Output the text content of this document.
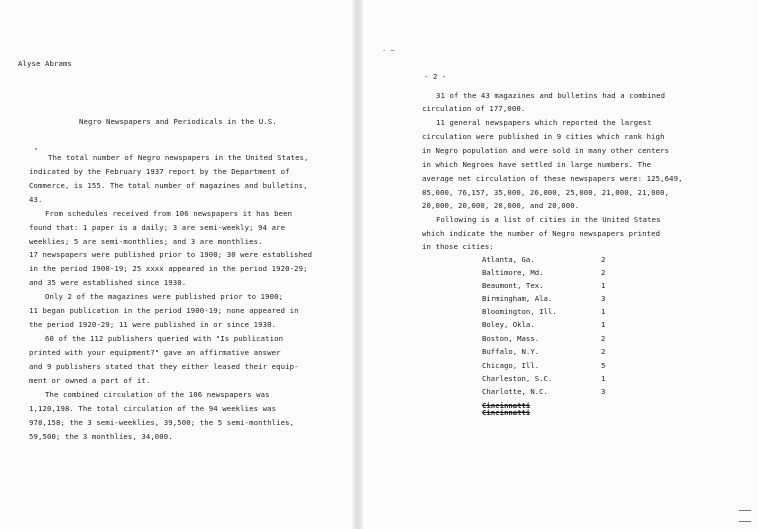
Alyse Abrams
Negro Newspapers and Periodicals in the U.S.
"
The total number of Negro newspapers in the United States,
indicated by the February 1937 report by the Department of
Commerce, is 155. The total number of magazines and bulletins,
43.
From schedules received from 106 newspapers it has been
found that: 1 paper is a daily; 3 are semi-weekly; 94 are
weeklies; 5 are semi-monthlies; and 3 are monthlies.
17 newspapers were published prior to 1900; 30 were established
in the period 1900-19; 25 xxxx appeared in the period 1920-29;
and 35 were established since 1930.
Only 2 of the magazines were published prior to 1900;
11 began publication in the period 1900-19; none appeared in
the period 1920-29; 11 were published in or since 1930.
60 of the 112 publishers queried with "Is publication
printed with your equipment?" gave an affirmative answer
and 9 publishers stated that they either leased their equip-
ment or owned a part of it.
The combined circulation of the 106 newspapers was
1,120,198. The total circulation of the 94 weeklies was
978,158; the 3 semi-weeklies, 39,500; the 5 semi-monthlies,
59,500; the 3 monthlies, 34,000.
- ~
- 2 -
31 of the 43 magazines and bulletins had a combined
circulation of 177,000.
11 general newspapers which reported the largest
circulation were published in 9 cities which rank high
in Negro population and were sold in many other centers
in which Negroes have settled in large numbers. The
average net circulation of these newspapers were: 125,649,
85,000, 76,157, 35,000, 26,000, 25,000, 21,000, 21,000,
20,000, 20,000, 20,000, and 20,000.
Following is a list of cities in the United States
which indicate the number of Negro newspapers printed
in those cities:
Atlanta, Ga.	2
Baltimore, Md.	2
Beaumont, Tex.	1
Birmingham, Ala.	3
Bloomington, Ill.	1
Boley, Okla.	1
Boston, Mass.	2
Buffalo, N.Y.	2
Chicago, Ill.	5
Charleston, S.C.	1
Charlotte, N.C.	3
Cincinnatti
Cincinnatti
